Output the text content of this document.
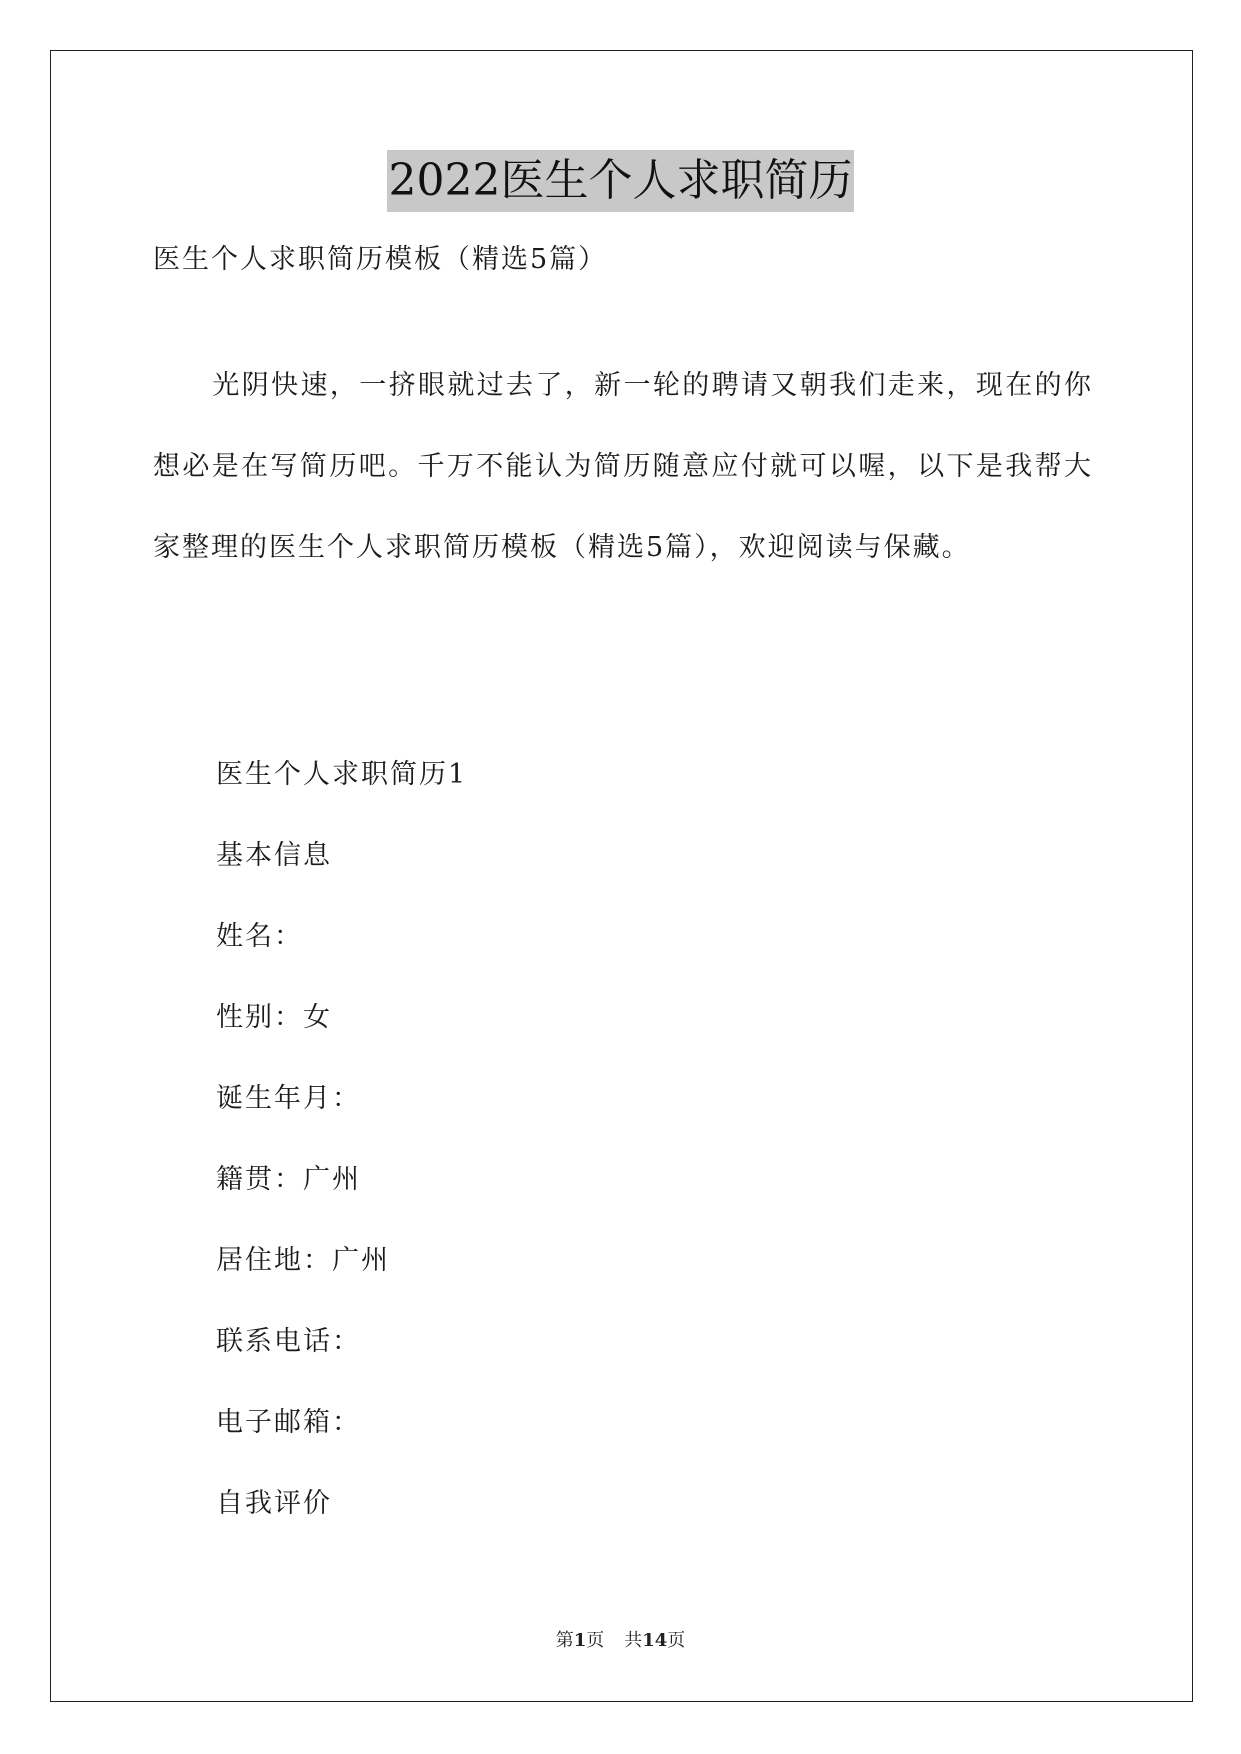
2022医生个人求职简历
医生个人求职简历模板（精选5篇）

光阴快速，一挤眼就过去了，新一轮的聘请又朝我们走来，现在的你想必是在写简历吧。千万不能认为简历随意应付就可以喔，以下是我帮大家整理的医生个人求职简历模板（精选5篇），欢迎阅读与保藏。

医生个人求职简历1
基本信息
姓名：
性别：女
诞生年月：
籍贯：广州
居住地：广州
联系电话：
电子邮箱：
自我评价
第1页 共14页
